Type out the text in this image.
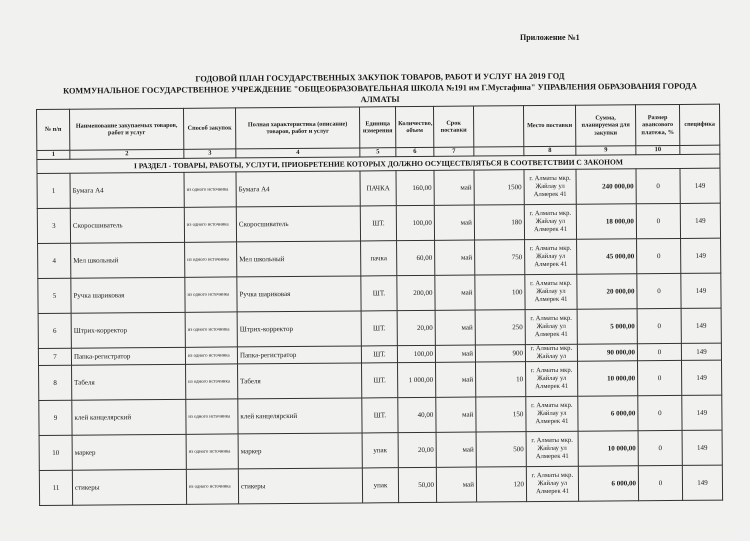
Приложение №1
ГОДОВОЙ ПЛАН ГОСУДАРСТВЕННЫХ ЗАКУПОК ТОВАРОВ, РАБОТ И УСЛУГ НА 2019 ГОД
КОММУНАЛЬНОЕ ГОСУДАРСТВЕННОЕ УЧРЕЖДЕНИЕ "ОБЩЕОБРАЗОВАТЕЛЬНАЯ ШКОЛА №191 им Г.Мустафина" УПРАВЛЕНИЯ ОБРАЗОВАНИЯ ГОРОДА
АЛМАТЫ
№ п/п	Наименование закупаемых товаров, работ и услуг	Способ закупок	Полная характеристика (описание) товаров, работ и услуг	Единица измерения	Количество, объем	Срок поставки		Место поставки	Сумма, планируемая для закупки	Размер авансового платежа, %	специфика
1	2	3	4	5	6	7		8	9	10	
I РАЗДЕЛ - ТОВАРЫ, РАБОТЫ, УСЛУГИ, ПРИОБРЕТЕНИЕ КОТОРЫХ ДОЛЖНО ОСУЩЕСТВЛЯТЬСЯ В СООТВЕТСТВИИ С ЗАКОНОМ											
1	Бумага А4	из одного источника	Бумага А4	ПАЧКА	160,00	май	1500	г. Алматы мкр. Жайлау ул Алмерек 41	240 000,00	0	149
3	Скоросшиватель	из одного источника	Скоросшиватель	ШТ.	100,00	май	180	г. Алматы мкр. Жайлау ул Алмерек 41	18 000,00	0	149
4	Мел школьный	из одного источника	Мел школьный	пачка	60,00	май	750	г. Алматы мкр. Жайлау ул Алмерек 41	45 000,00	0	149
5	Ручка шариковая	из одного источника	Ручка шариковая	ШТ.	200,00	май	100	г. Алматы мкр. Жайлау ул Алмерек 41	20 000,00	0	149
6	Штрих-корректор	из одного источника	Штрих-корректор	ШТ.	20,00	май	250	г. Алматы мкр. Жайлау ул Алмерек 41	5 000,00	0	149
7	Папка-регистратор	из одного источника	Папка-регистратор	ШТ.	100,00	май	900	г. Алматы мкр. Жайлау ул	90 000,00	0	149
8	Табеля	из одного источника	Табеля	ШТ.	1 000,00	май	10	г. Алматы мкр. Жайлау ул Алмерек 41	10 000,00	0	149
9	клей канцелярский	из одного источника	клей канцелярский	ШТ.	40,00	май	150	г. Алматы мкр. Жайлау ул Алмерек 41	6 000,00	0	149
10	маркер	из одного источника	маркер	упак	20,00	май	500	г. Алматы мкр. Жайлау ул Алмерек 41	10 000,00	0	149
11	стикеры	из одного источника	стикеры	упак	50,00	май	120	г. Алматы мкр. Жайлау ул Алмерек 41	6 000,00	0	149
